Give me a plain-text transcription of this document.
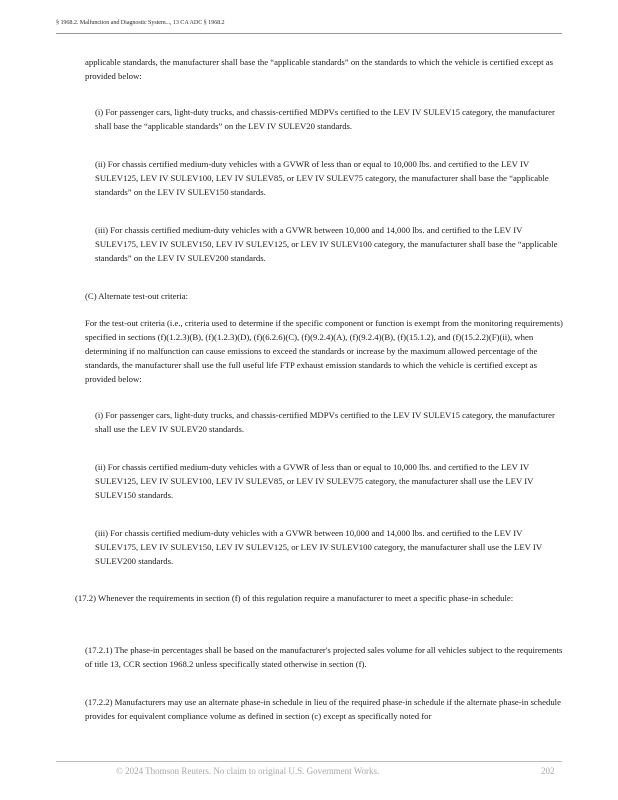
§ 1968.2. Malfunction and Diagnostic System..., 13 CA ADC § 1968.2

applicable standards, the manufacturer shall base the “applicable standards” on the standards to which the vehicle is certified except as provided below:

(i) For passenger cars, light-duty trucks, and chassis-certified MDPVs certified to the LEV IV SULEV15 category, the manufacturer shall base the “applicable standards” on the LEV IV SULEV20 standards.

(ii) For chassis certified medium-duty vehicles with a GVWR of less than or equal to 10,000 lbs. and certified to the LEV IV SULEV125, LEV IV SULEV100, LEV IV SULEV85, or LEV IV SULEV75 category, the manufacturer shall base the “applicable standards” on the LEV IV SULEV150 standards.

(iii) For chassis certified medium-duty vehicles with a GVWR between 10,000 and 14,000 lbs. and certified to the LEV IV SULEV175, LEV IV SULEV150, LEV IV SULEV125, or LEV IV SULEV100 category, the manufacturer shall base the “applicable standards” on the LEV IV SULEV200 standards.

(C) Alternate test-out criteria:

For the test-out criteria (i.e., criteria used to determine if the specific component or function is exempt from the monitoring requirements) specified in sections (f)(1.2.3)(B), (f)(1.2.3)(D), (f)(6.2.6)(C), (f)(9.2.4)(A), (f)(9.2.4)(B), (f)(15.1.2), and (f)(15.2.2)(F)(ii), when determining if no malfunction can cause emissions to exceed the standards or increase by the maximum allowed percentage of the standards, the manufacturer shall use the full useful life FTP exhaust emission standards to which the vehicle is certified except as provided below:

(i) For passenger cars, light-duty trucks, and chassis-certified MDPVs certified to the LEV IV SULEV15 category, the manufacturer shall use the LEV IV SULEV20 standards.

(ii) For chassis certified medium-duty vehicles with a GVWR of less than or equal to 10,000 lbs. and certified to the LEV IV SULEV125, LEV IV SULEV100, LEV IV SULEV85, or LEV IV SULEV75 category, the manufacturer shall use the LEV IV SULEV150 standards.

(iii) For chassis certified medium-duty vehicles with a GVWR between 10,000 and 14,000 lbs. and certified to the LEV IV SULEV175, LEV IV SULEV150, LEV IV SULEV125, or LEV IV SULEV100 category, the manufacturer shall use the LEV IV SULEV200 standards.

(17.2) Whenever the requirements in section (f) of this regulation require a manufacturer to meet a specific phase-in schedule:

(17.2.1) The phase-in percentages shall be based on the manufacturer's projected sales volume for all vehicles subject to the requirements of title 13, CCR section 1968.2 unless specifically stated otherwise in section (f).

(17.2.2) Manufacturers may use an alternate phase-in schedule in lieu of the required phase-in schedule if the alternate phase-in schedule provides for equivalent compliance volume as defined in section (c) except as specifically noted for

© 2024 Thomson Reuters. No claim to original U.S. Government Works.	202
